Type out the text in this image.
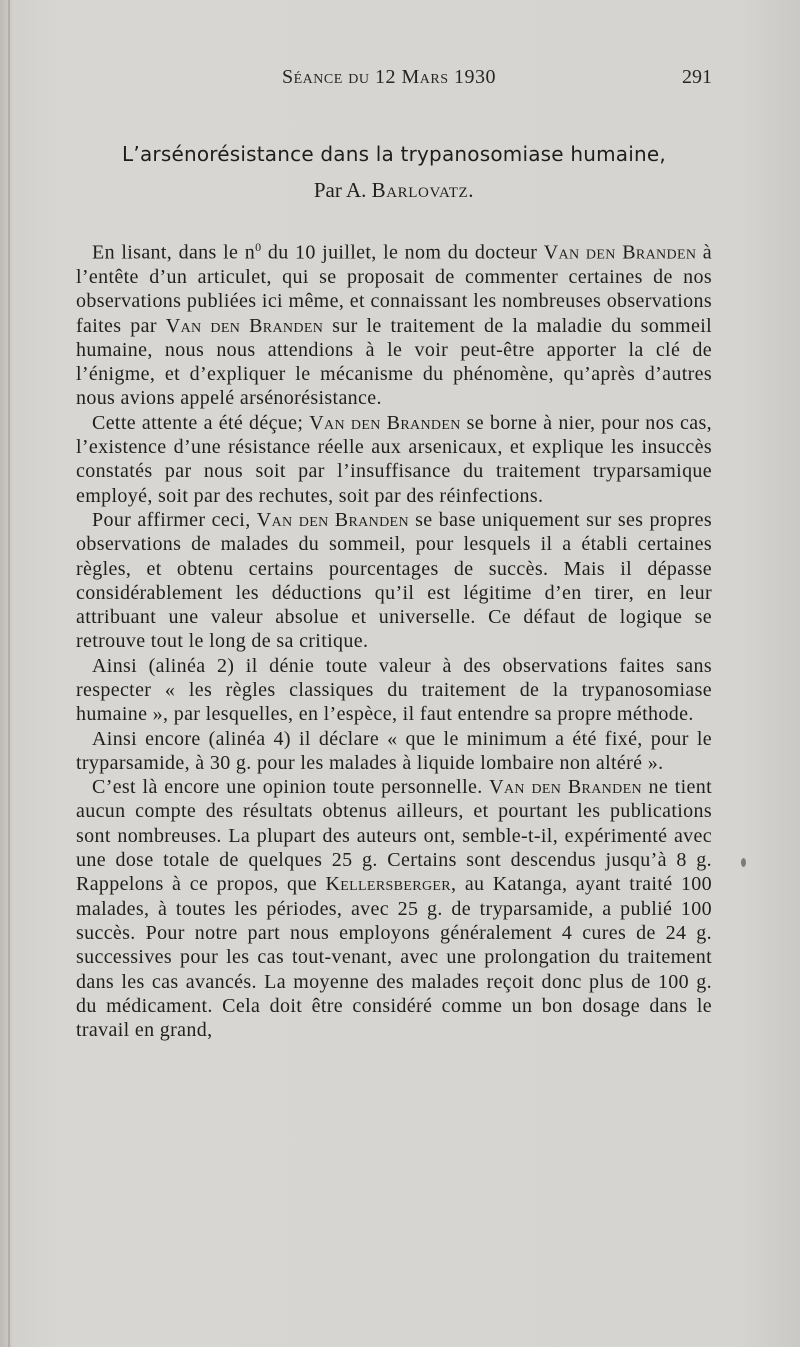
Séance du 12 Mars 1930	291
L’arsénorésistance dans la trypanosomiase humaine,
Par A. Barlovatz.

En lisant, dans le $n^0$ du 10 juillet, le nom du docteur Van den Branden à l’entête d’un articulet, qui se proposait de commenter certaines de nos observations publiées ici même, et connaissant les nombreuses observations faites par Van den Branden sur le traitement de la maladie du sommeil humaine, nous nous attendions à le voir peut-être apporter la clé de l’énigme, et d’expliquer le mécanisme du phénomène, qu’après d’autres nous avions appelé arsénorésistance.

Cette attente a été déçue; Van den Branden se borne à nier, pour nos cas, l’existence d’une résistance réelle aux arsenicaux, et explique les insuccès constatés par nous soit par l’insuffisance du traitement tryparsamique employé, soit par des rechutes, soit par des réinfections.

Pour affirmer ceci, Van den Branden se base uniquement sur ses propres observations de malades du sommeil, pour lesquels il a établi certaines règles, et obtenu certains pourcentages de succès. Mais il dépasse considérablement les déductions qu’il est légitime d’en tirer, en leur attribuant une valeur absolue et universelle. Ce défaut de logique se retrouve tout le long de sa critique.

Ainsi (alinéa 2) il dénie toute valeur à des observations faites sans respecter « les règles classiques du traitement de la trypanosomiase humaine », par lesquelles, en l’espèce, il faut entendre sa propre méthode.

Ainsi encore (alinéa 4) il déclare « que le minimum a été fixé, pour le tryparsamide, à 30 g. pour les malades à liquide lombaire non altéré ».

C’est là encore une opinion toute personnelle. Van den Branden ne tient aucun compte des résultats obtenus ailleurs, et pourtant les publications sont nombreuses. La plupart des auteurs ont, semble-t-il, expérimenté avec une dose totale de quelques 25 g. Certains sont descendus jusqu’à 8 g. Rappelons à ce propos, que Kellersberger, au Katanga, ayant traité 100 malades, à toutes les périodes, avec 25 g. de tryparsamide, a publié 100 succès. Pour notre part nous employons généralement 4 cures de 24 g. successives pour les cas tout-venant, avec une prolongation du traitement dans les cas avancés. La moyenne des malades reçoit donc plus de 100 g. du médicament. Cela doit être considéré comme un bon dosage dans le travail en grand,
